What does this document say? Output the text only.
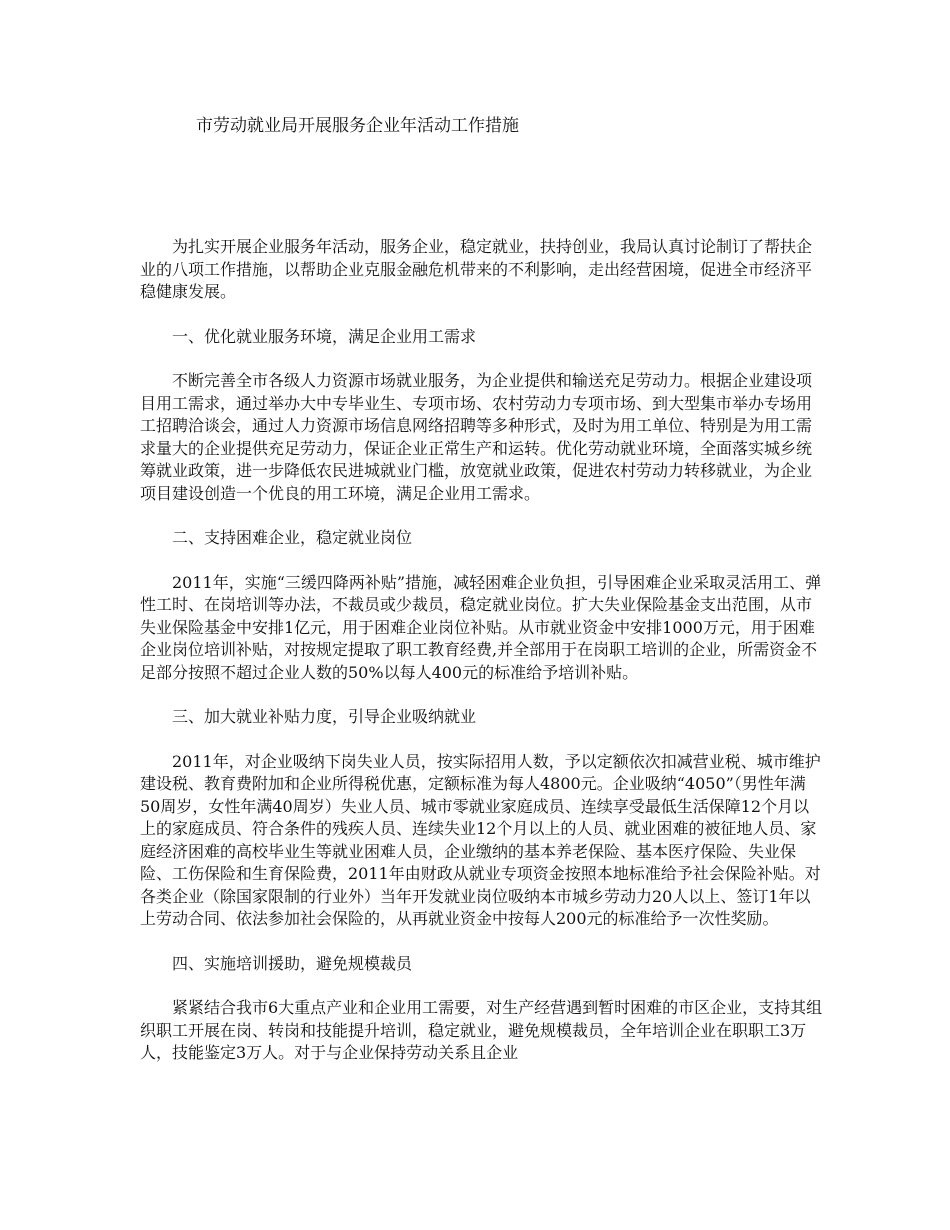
市劳动就业局开展服务企业年活动工作措施

为扎实开展企业服务年活动，服务企业，稳定就业，扶持创业，我局认真讨论制订了帮扶企业的八项工作措施，以帮助企业克服金融危机带来的不利影响，走出经营困境，促进全市经济平稳健康发展。

一、优化就业服务环境，满足企业用工需求

不断完善全市各级人力资源市场就业服务，为企业提供和输送充足劳动力。根据企业建设项目用工需求，通过举办大中专毕业生、专项市场、农村劳动力专项市场、到大型集市举办专场用工招聘洽谈会，通过人力资源市场信息网络招聘等多种形式，及时为用工单位、特别是为用工需求量大的企业提供充足劳动力，保证企业正常生产和运转。优化劳动就业环境，全面落实城乡统筹就业政策，进一步降低农民进城就业门槛，放宽就业政策，促进农村劳动力转移就业，为企业项目建设创造一个优良的用工环境，满足企业用工需求。

二、支持困难企业，稳定就业岗位

2011年，实施“三缓四降两补贴”措施，减轻困难企业负担，引导困难企业采取灵活用工、弹性工时、在岗培训等办法，不裁员或少裁员，稳定就业岗位。扩大失业保险基金支出范围，从市失业保险基金中安排1亿元，用于困难企业岗位补贴。从市就业资金中安排1000万元，用于困难企业岗位培训补贴，对按规定提取了职工教育经费,并全部用于在岗职工培训的企业，所需资金不足部分按照不超过企业人数的50%以每人400元的标准给予培训补贴。

三、加大就业补贴力度，引导企业吸纳就业

2011年，对企业吸纳下岗失业人员，按实际招用人数，予以定额依次扣减营业税、城市维护建设税、教育费附加和企业所得税优惠，定额标准为每人4800元。企业吸纳“4050”（男性年满50周岁，女性年满40周岁）失业人员、城市零就业家庭成员、连续享受最低生活保障12个月以上的家庭成员、符合条件的残疾人员、连续失业12个月以上的人员、就业困难的被征地人员、家庭经济困难的高校毕业生等就业困难人员，企业缴纳的基本养老保险、基本医疗保险、失业保险、工伤保险和生育保险费，2011年由财政从就业专项资金按照本地标准给予社会保险补贴。对各类企业（除国家限制的行业外）当年开发就业岗位吸纳本市城乡劳动力20人以上、签订1年以上劳动合同、依法参加社会保险的，从再就业资金中按每人200元的标准给予一次性奖励。

四、实施培训援助，避免规模裁员

紧紧结合我市6大重点产业和企业用工需要，对生产经营遇到暂时困难的市区企业，支持其组织职工开展在岗、转岗和技能提升培训，稳定就业，避免规模裁员，全年培训企业在职职工3万人，技能鉴定3万人。对于与企业保持劳动关系且企业
